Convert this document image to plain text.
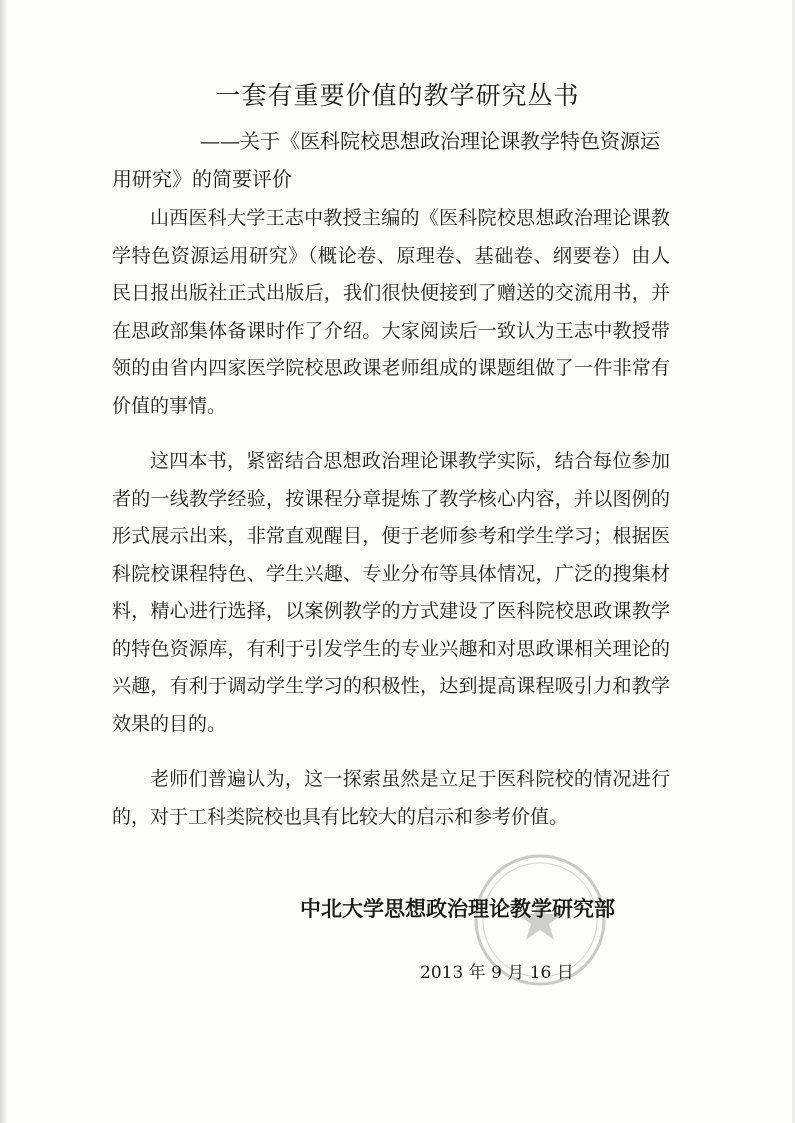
一套有重要价值的教学研究丛书

——关于《医科院校思想政治理论课教学特色资源运用研究》的简要评价

山西医科大学王志中教授主编的《医科院校思想政治理论课教学特色资源运用研究》（概论卷、原理卷、基础卷、纲要卷）由人民日报出版社正式出版后，我们很快便接到了赠送的交流用书，并在思政部集体备课时作了介绍。大家阅读后一致认为王志中教授带领的由省内四家医学院校思政课老师组成的课题组做了一件非常有价值的事情。

这四本书，紧密结合思想政治理论课教学实际，结合每位参加者的一线教学经验，按课程分章提炼了教学核心内容，并以图例的形式展示出来，非常直观醒目，便于老师参考和学生学习；根据医科院校课程特色、学生兴趣、专业分布等具体情况，广泛的搜集材料，精心进行选择，以案例教学的方式建设了医科院校思政课教学的特色资源库，有利于引发学生的专业兴趣和对思政课相关理论的兴趣，有利于调动学生学习的积极性，达到提高课程吸引力和教学效果的目的。

老师们普遍认为，这一探索虽然是立足于医科院校的情况进行的，对于工科类院校也具有比较大的启示和参考价值。

中北大学思想政治理论教学研究部

2013 年 9 月 16 日
